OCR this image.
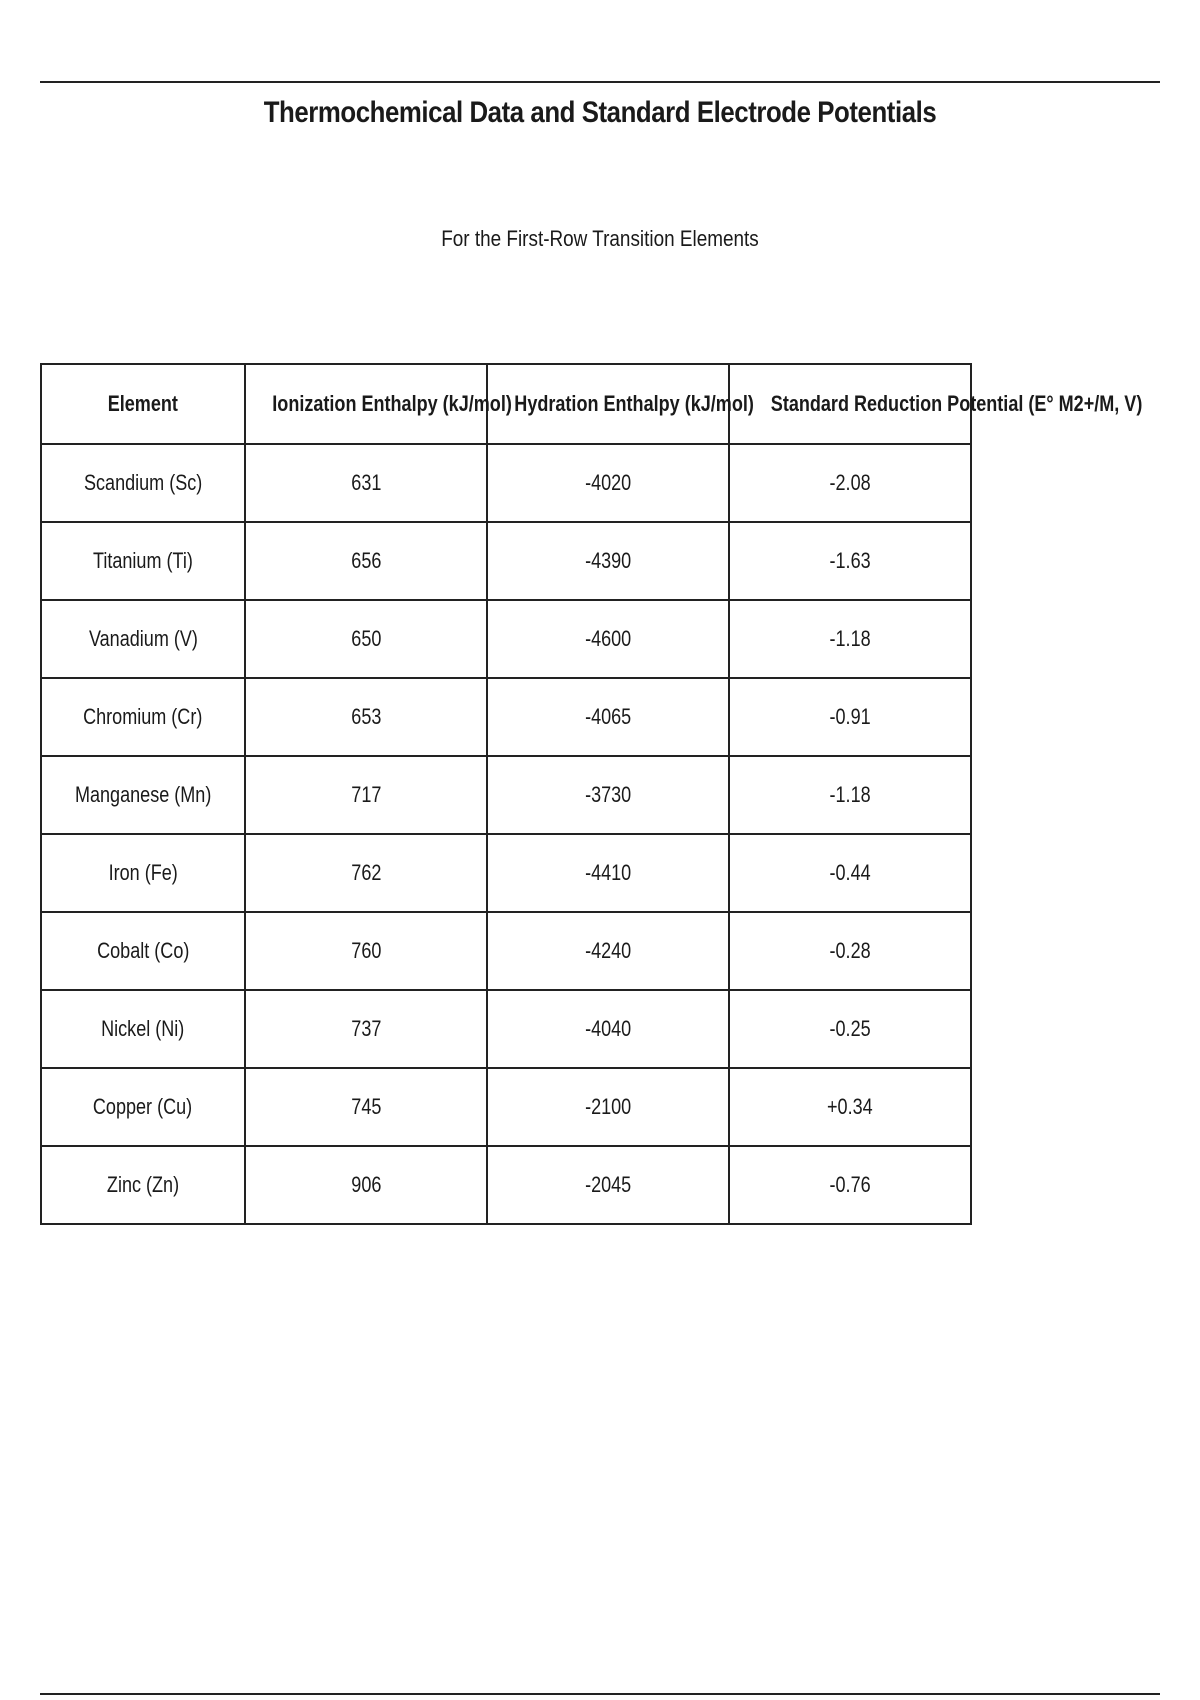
Thermochemical Data and Standard Electrode Potentials
For the First-Row Transition Elements
Element	Ionization Enthalpy (kJ/mol)	Hydration Enthalpy (kJ/mol)	Standard Reduction Potential (E° M2+/M, V)
Scandium (Sc)	631	-4020	-2.08
Titanium (Ti)	656	-4390	-1.63
Vanadium (V)	650	-4600	-1.18
Chromium (Cr)	653	-4065	-0.91
Manganese (Mn)	717	-3730	-1.18
Iron (Fe)	762	-4410	-0.44
Cobalt (Co)	760	-4240	-0.28
Nickel (Ni)	737	-4040	-0.25
Copper (Cu)	745	-2100	+0.34
Zinc (Zn)	906	-2045	-0.76
